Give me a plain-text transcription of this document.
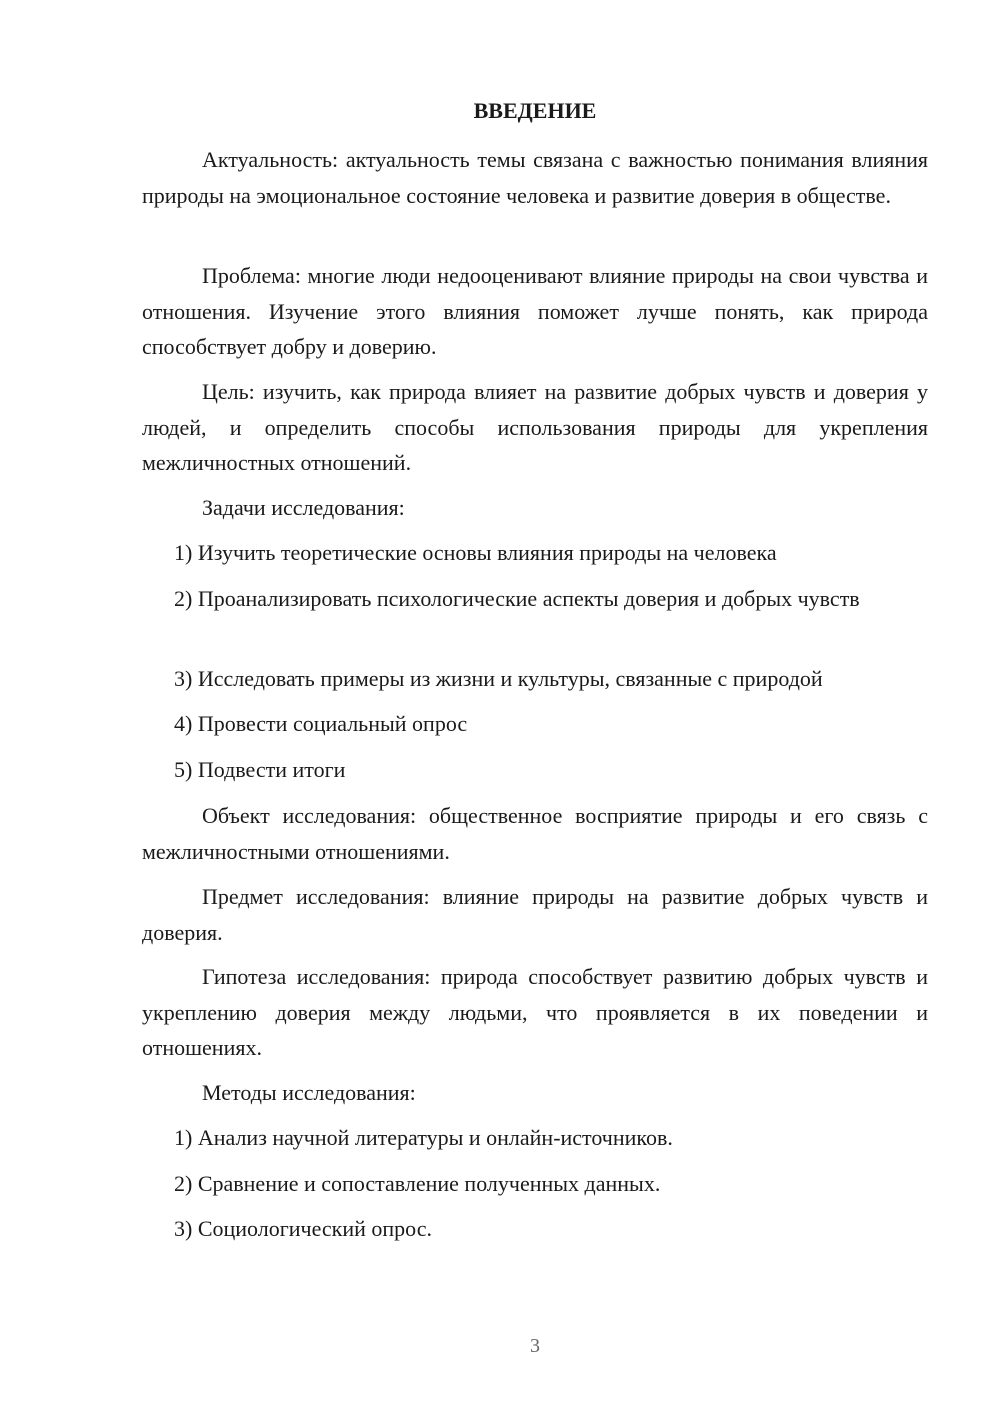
ВВЕДЕНИЕ

Актуальность: актуальность темы связана с важностью понимания влияния природы на эмоциональное состояние человека и развитие доверия в обществе.

Проблема: многие люди недооценивают влияние природы на свои чувства и отношения. Изучение этого влияния поможет лучше понять, как природа способствует добру и доверию.

Цель: изучить, как природа влияет на развитие добрых чувств и доверия у людей, и определить способы использования природы для укрепления межличностных отношений.

Задачи исследования:

1) Изучить теоретические основы влияния природы на человека

2) Проанализировать психологические аспекты доверия и добрых чувств

3) Исследовать примеры из жизни и культуры, связанные с природой

4) Провести социальный опрос

5) Подвести итоги

Объект исследования: общественное восприятие природы и его связь с межличностными отношениями.

Предмет исследования: влияние природы на развитие добрых чувств и доверия.

Гипотеза исследования: природа способствует развитию добрых чувств и укреплению доверия между людьми, что проявляется в их поведении и отношениях.

Методы исследования:

1) Анализ научной литературы и онлайн-источников.

2) Сравнение и сопоставление полученных данных.

3) Социологический опрос.

3
